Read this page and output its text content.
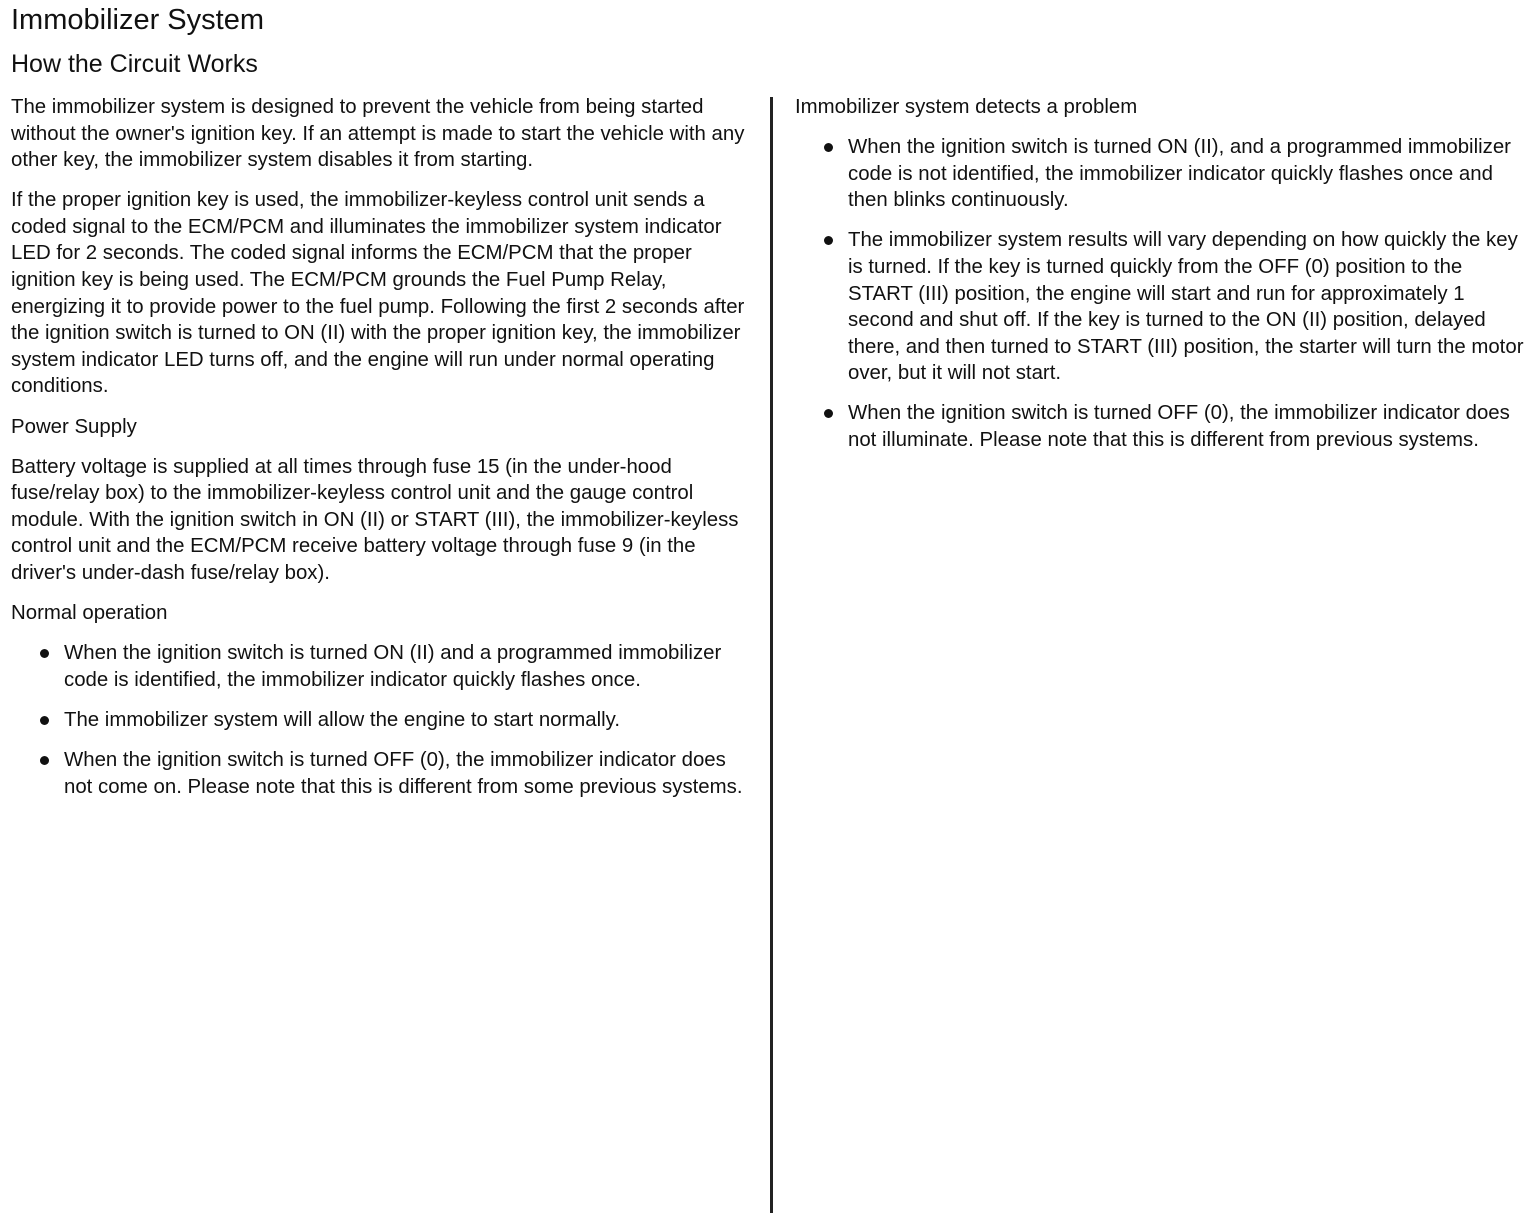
Immobilizer System
How the Circuit Works

The immobilizer system is designed to prevent the vehicle from being started without the owner's ignition key. If an attempt is made to start the vehicle with any other key, the immobilizer system disables it from starting.

If the proper ignition key is used, the immobilizer-keyless control unit sends a coded signal to the ECM/PCM and illuminates the immobilizer system indicator LED for 2 seconds. The coded signal informs the ECM/PCM that the proper ignition key is being used. The ECM/PCM grounds the Fuel Pump Relay, energizing it to provide power to the fuel pump. Following the first 2 seconds after the ignition switch is turned to ON (II) with the proper ignition key, the immobilizer system indicator LED turns off, and the engine will run under normal operating conditions.

Power Supply

Battery voltage is supplied at all times through fuse 15 (in the under-hood fuse/relay box) to the immobilizer-keyless control unit and the gauge control module. With the ignition switch in ON (II) or START (III), the immobilizer-keyless control unit and the ECM/PCM receive battery voltage through fuse 9 (in the driver's under-dash fuse/relay box).

Normal operation
When the ignition switch is turned ON (II) and a programmed immobilizer code is identified, the immobilizer indicator quickly flashes once.
The immobilizer system will allow the engine to start normally.
When the ignition switch is turned OFF (0), the immobilizer indicator does not come on. Please note that this is different from some previous systems.
Immobilizer system detects a problem
When the ignition switch is turned ON (II), and a programmed immobilizer code is not identified, the immobilizer indicator quickly flashes once and then blinks continuously.
The immobilizer system results will vary depending on how quickly the key is turned. If the key is turned quickly from the OFF (0) position to the START (III) position, the engine will start and run for approximately 1 second and shut off. If the key is turned to the ON (II) position, delayed there, and then turned to START (III) position, the starter will turn the motor over, but it will not start.
When the ignition switch is turned OFF (0), the immobilizer indicator does not illuminate. Please note that this is different from previous systems.
